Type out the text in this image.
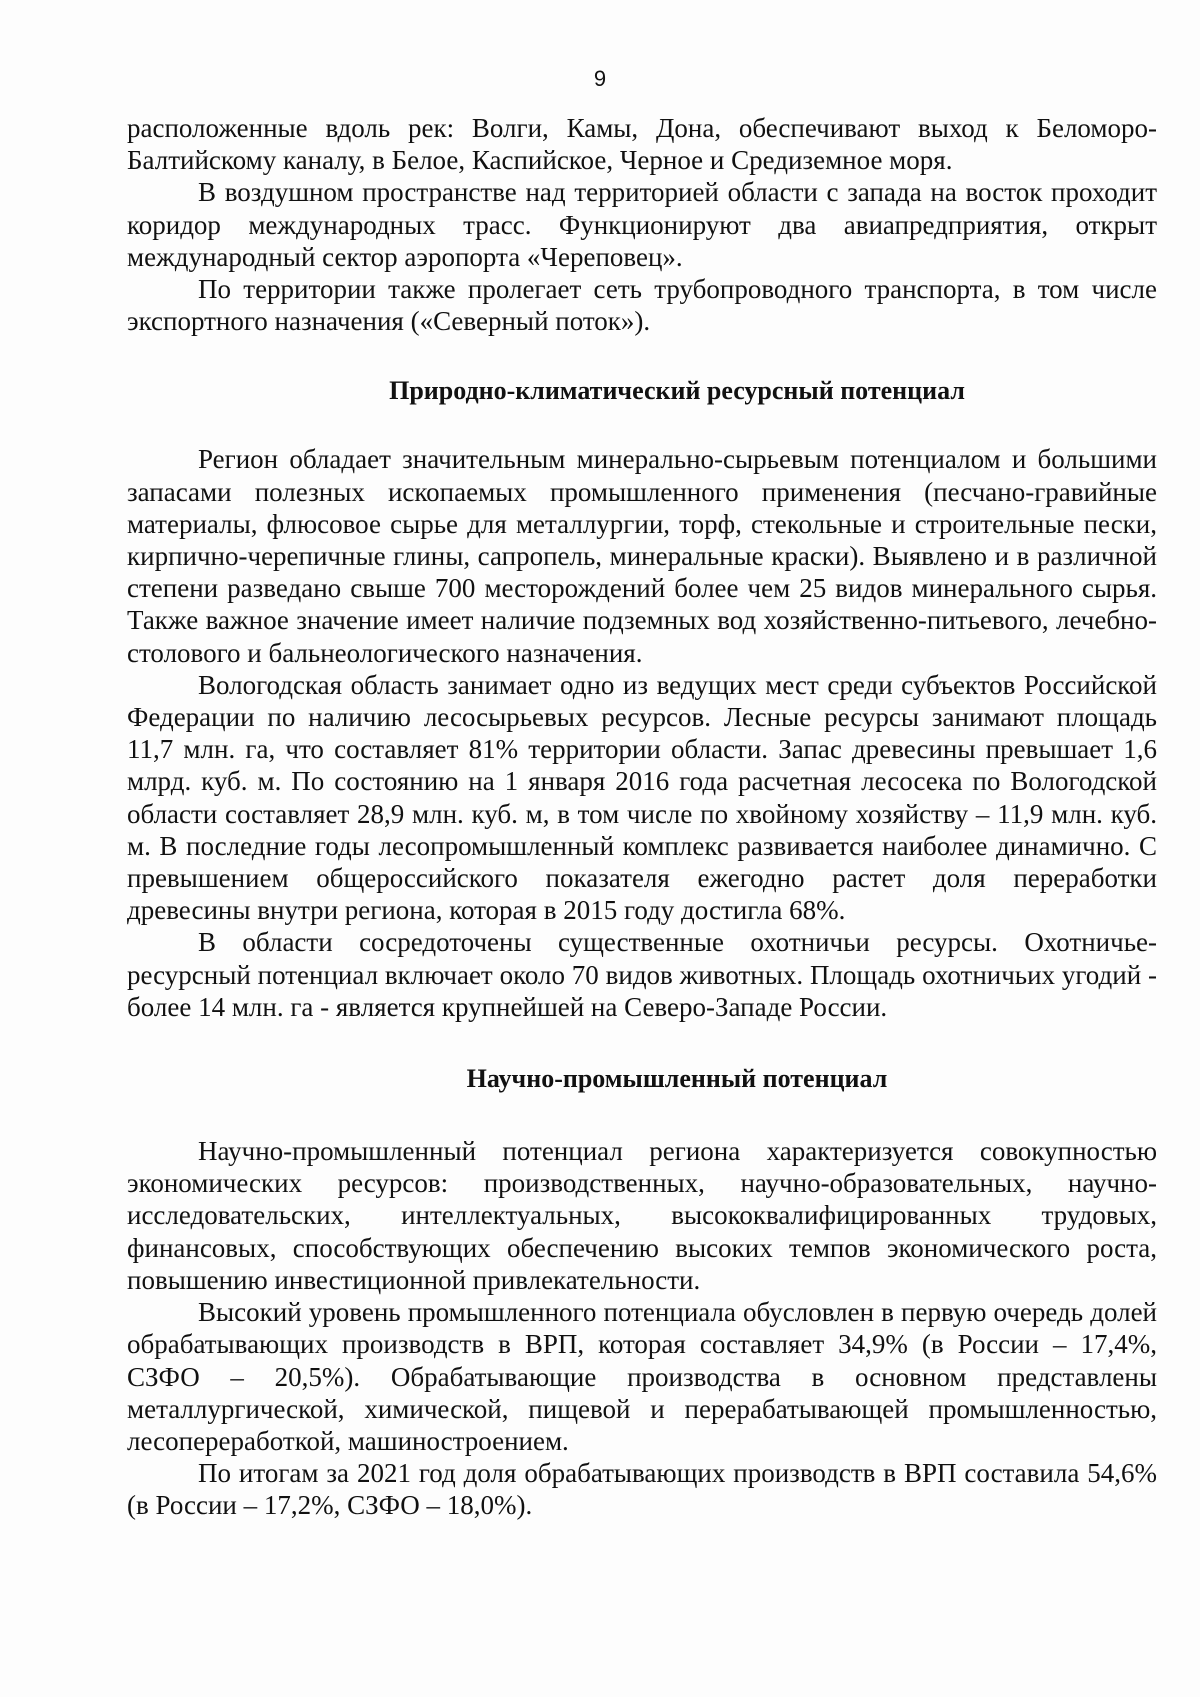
9

расположенные вдоль рек: Волги, Камы, Дона, обеспечивают выход к Беломоро-Балтийскому каналу, в Белое, Каспийское, Черное и Средиземное моря.

В воздушном пространстве над территорией области с запада на восток проходит коридор международных трасс. Функционируют два авиапредприятия, открыт международный сектор аэропорта «Череповец».

По территории также пролегает сеть трубопроводного транспорта, в том числе экспортного назначения («Северный поток»).

Природно-климатический ресурсный потенциал

Регион обладает значительным минерально-сырьевым потенциалом и большими запасами полезных ископаемых промышленного применения (песчано-гравийные материалы, флюсовое сырье для металлургии, торф, стекольные и строительные пески, кирпично-черепичные глины, сапропель, минеральные краски). Выявлено и в различной степени разведано свыше 700 месторождений более чем 25 видов минерального сырья. Также важное значение имеет наличие подземных вод хозяйственно-питьевого, лечебно-столового и бальнеологического назначения.

Вологодская область занимает одно из ведущих мест среди субъектов Российской Федерации по наличию лесосырьевых ресурсов. Лесные ресурсы занимают площадь 11,7 млн. га, что составляет 81% территории области. Запас древесины превышает 1,6 млрд. куб. м. По состоянию на 1 января 2016 года расчетная лесосека по Вологодской области составляет 28,9 млн. куб. м, в том числе по хвойному хозяйству – 11,9 млн. куб. м. В последние годы лесопромышленный комплекс развивается наиболее динамично. С превышением общероссийского показателя ежегодно растет доля переработки древесины внутри региона, которая в 2015 году достигла 68%.

В области сосредоточены существенные охотничьи ресурсы. Охотничье-ресурсный потенциал включает около 70 видов животных. Площадь охотничьих угодий - более 14 млн. га - является крупнейшей на Северо-Западе России.

Научно-промышленный потенциал

Научно-промышленный потенциал региона характеризуется совокупностью экономических ресурсов: производственных, научно-образовательных, научно-исследовательских, интеллектуальных, высококвалифицированных трудовых, финансовых, способствующих обеспечению высоких темпов экономического роста, повышению инвестиционной привлекательности.

Высокий уровень промышленного потенциала обусловлен в первую очередь долей обрабатывающих производств в ВРП, которая составляет 34,9% (в России – 17,4%, СЗФО – 20,5%). Обрабатывающие производства в основном представлены металлургической, химической, пищевой и перерабатывающей промышленностью, лесопереработкой, машиностроением.

По итогам за 2021 год доля обрабатывающих производств в ВРП составила 54,6% (в России – 17,2%, СЗФО – 18,0%).
